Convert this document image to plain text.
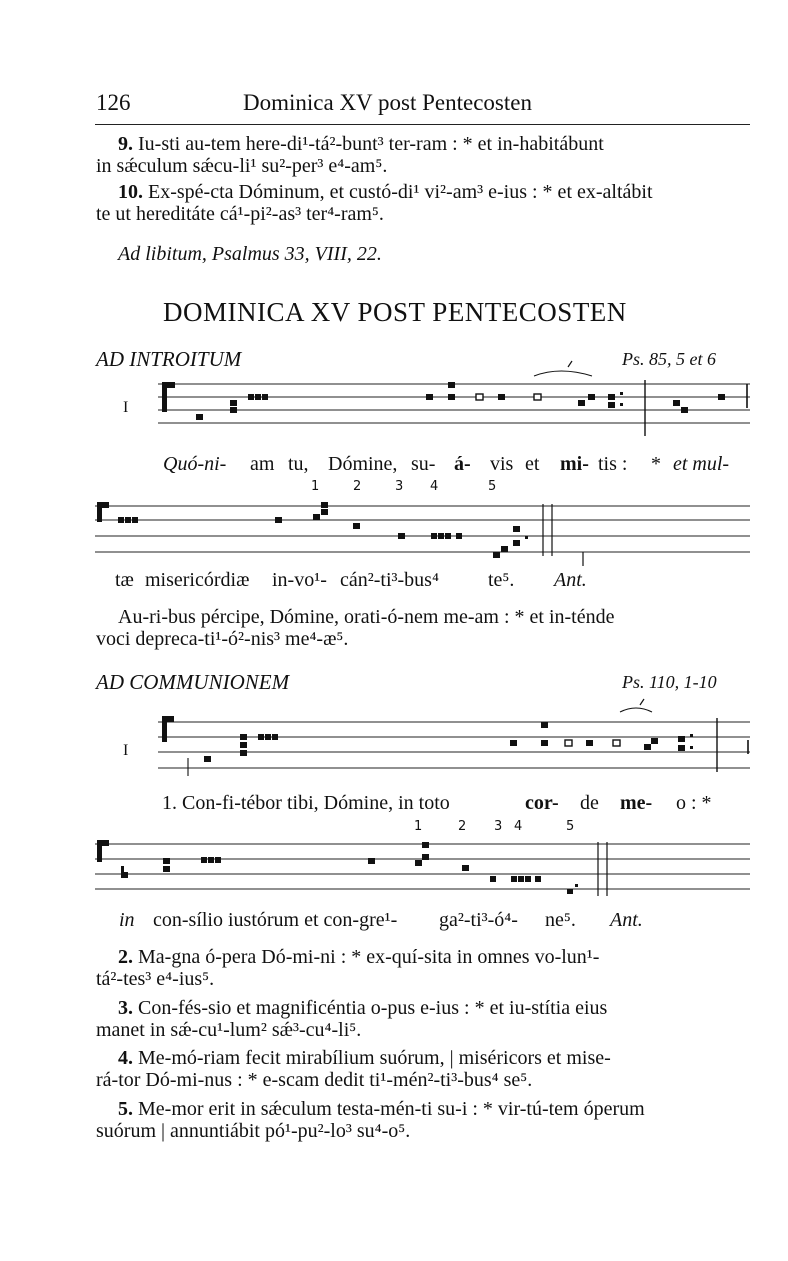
126	Dominica XV post Pentecosten
9. Iu-sti au-tem here-di¹-tá²-bunt³ ter-ram : * et in-habitábunt
in sǽculum sǽcu-li¹ su²-per³ e⁴-am⁵.
10. Ex-spé-cta Dóminum, et custó-di¹ vi²-am³ e-ius : * et ex-altábit
te ut hereditáte cá¹-pi²-as³ ter⁴-ram⁵.
Ad libitum, Psalmus 33, VIII, 22.
DOMINICA XV POST PENTECOSTEN
AD INTROITUM	Ps. 85, 5 et 6
I
Quó-ni- am tu, Dómine, su- á- vis et mi- tis : * et mul-
1	2	3 4	5
tæ misericórdiæ in-vo¹- cán²-ti³-bus⁴ te⁵. Ant.
Au-ri-bus pércipe, Dómine, orati-ó-nem me-am : * et in-ténde
voci depreca-ti¹-ó²-nis³ me⁴-æ⁵.
AD COMMUNIONEM	Ps. 110, 1-10
I
1. Con-fi-tébor tibi, Dómine, in toto	cor- de me- o : *
1	2 3 4	5
in con-sílio iustórum et con-gre¹- ga²-ti³-ó⁴- ne⁵. Ant.
2. Ma-gna ó-pera Dó-mi-ni : * ex-quí-sita in omnes vo-lun¹-
tá²-tes³ e⁴-ius⁵.
3. Con-fés-sio et magnificéntia o-pus e-ius : * et iu-stítia eius
manet in sǽ-cu¹-lum² sǽ³-cu⁴-li⁵.
4. Me-mó-riam fecit mirabílium suórum, | miséricors et mise-
rá-tor Dó-mi-nus : * e-scam dedit ti¹-mén²-ti³-bus⁴ se⁵.
5. Me-mor erit in sǽculum testa-mén-ti su-i : * vir-tú-tem óperum
suórum | annuntiábit pó¹-pu²-lo³ su⁴-o⁵.
